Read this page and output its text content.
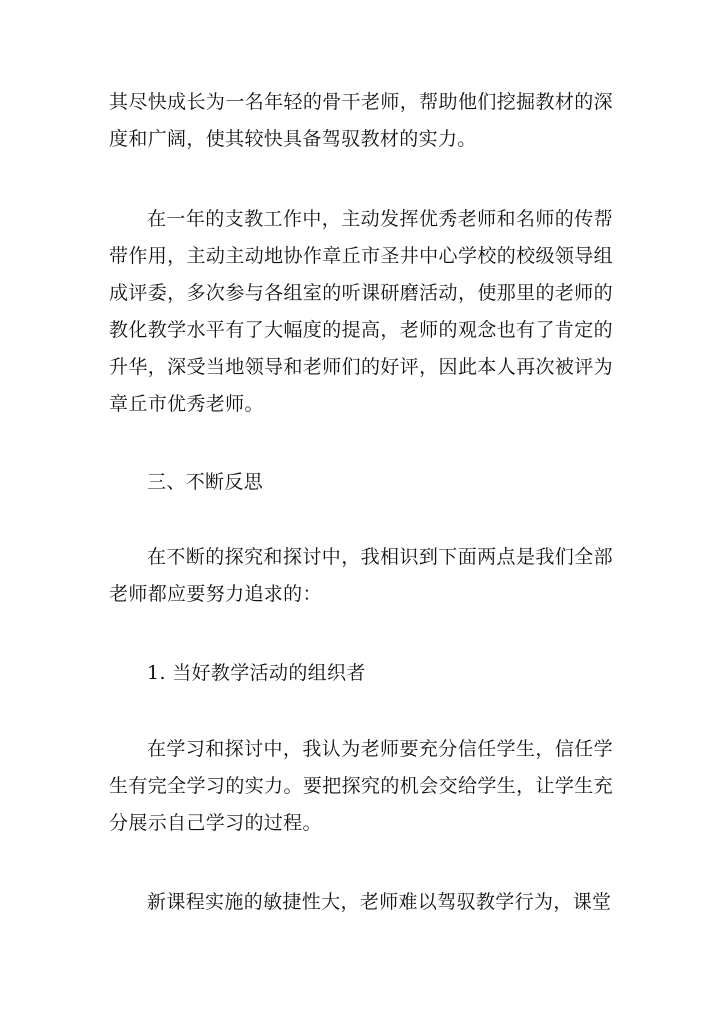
其尽快成长为一名年轻的骨干老师，帮助他们挖掘教材的深度和广阔，使其较快具备驾驭教材的实力。

在一年的支教工作中，主动发挥优秀老师和名师的传帮带作用，主动主动地协作章丘市圣井中心学校的校级领导组成评委，多次参与各组室的听课研磨活动，使那里的老师的教化教学水平有了大幅度的提高，老师的观念也有了肯定的升华，深受当地领导和老师们的好评，因此本人再次被评为章丘市优秀老师。

三、不断反思

在不断的探究和探讨中，我相识到下面两点是我们全部老师都应要努力追求的：

1. 当好教学活动的组织者

在学习和探讨中，我认为老师要充分信任学生，信任学生有完全学习的实力。要把探究的机会交给学生，让学生充分展示自己学习的过程。

新课程实施的敏捷性大，老师难以驾驭教学行为，课堂
